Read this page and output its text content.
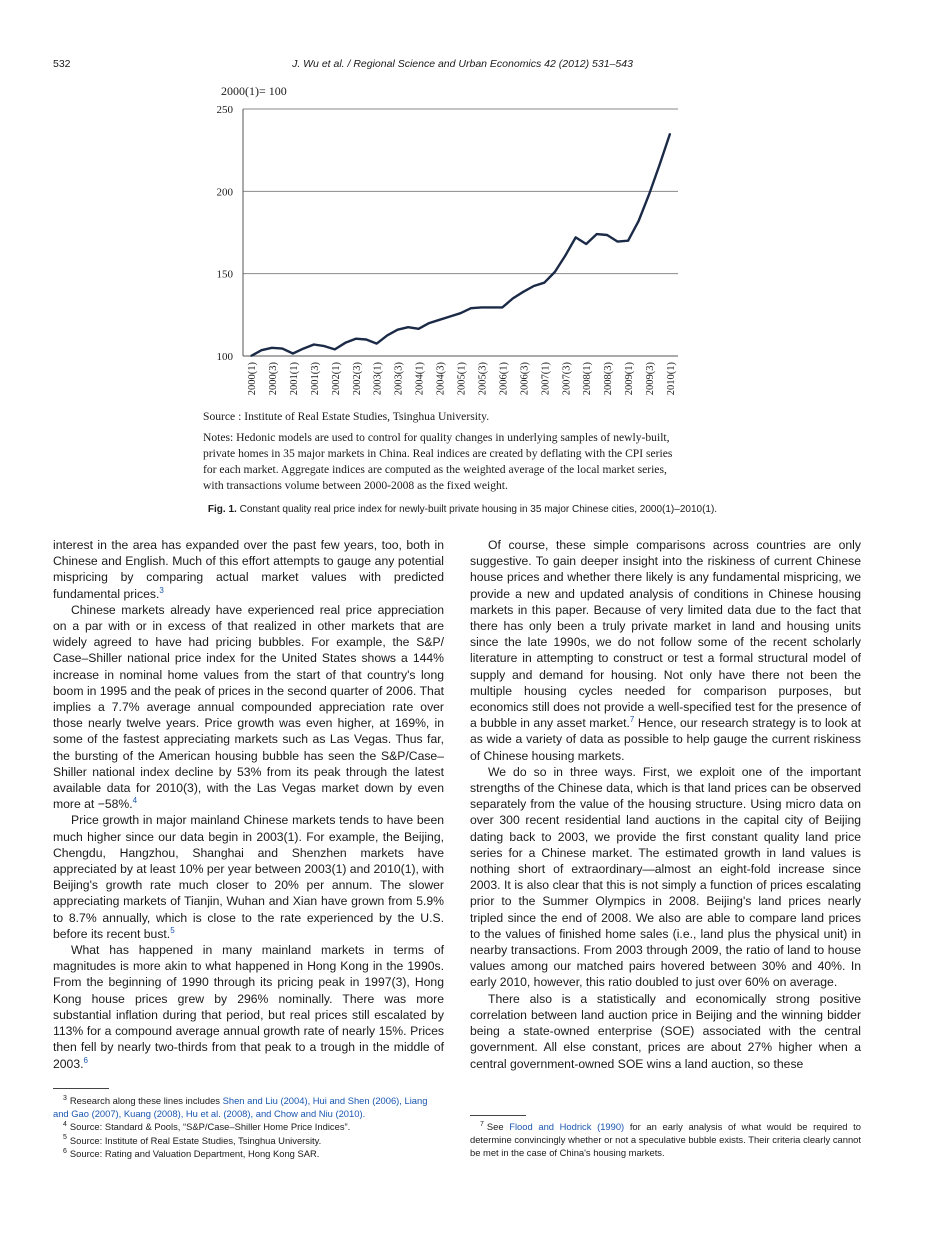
532	J. Wu et al. / Regional Science and Urban Economics 42 (2012) 531–543
100
150
200
250
2000(1)= 100
2000(1) 2000(3) 2001(1) 2001(3) 2002(1) 2002(3) 2003(1) 2003(3) 2004(1) 2004(3) 2005(1) 2005(3) 2006(1) 2006(3) 2007(1) 2007(3) 2008(1) 2008(3) 2009(1) 2009(3) 2010(1)
Source : Institute of Real Estate Studies, Tsinghua University.
Notes: Hedonic models are used to control for quality changes in underlying samples of newly-built,
private homes in 35 major markets in China. Real indices are created by deflating with the CPI series
for each market. Aggregate indices are computed as the weighted average of the local market series,
with transactions volume between 2000-2008 as the fixed weight.
Fig. 1. Constant quality real price index for newly-built private housing in 35 major Chinese cities, 2000(1)–2010(1).

interest in the area has expanded over the past few years, too, both in Chinese and English. Much of this effort attempts to gauge any potential mispricing by comparing actual market values with predicted fundamental prices.$^3$

Chinese markets already have experienced real price appreciation on a par with or in excess of that realized in other markets that are widely agreed to have had pricing bubbles. For example, the S&P/ Case–Shiller national price index for the United States shows a 144% increase in nominal home values from the start of that country's long boom in 1995 and the peak of prices in the second quarter of 2006. That implies a 7.7% average annual compounded appreciation rate over those nearly twelve years. Price growth was even higher, at 169%, in some of the fastest appreciating markets such as Las Vegas. Thus far, the bursting of the American housing bubble has seen the S&P/Case–Shiller national index decline by 53% from its peak through the latest available data for 2010(3), with the Las Vegas market down by even more at −58%.$^4$

Price growth in major mainland Chinese markets tends to have been much higher since our data begin in 2003(1). For example, the Beijing, Chengdu, Hangzhou, Shanghai and Shenzhen markets have appreciated by at least 10% per year between 2003(1) and 2010(1), with Beijing's growth rate much closer to 20% per annum. The slower appreciating markets of Tianjin, Wuhan and Xian have grown from 5.9% to 8.7% annually, which is close to the rate experienced by the U.S. before its recent bust.$^5$

What has happened in many mainland markets in terms of magnitudes is more akin to what happened in Hong Kong in the 1990s. From the beginning of 1990 through its pricing peak in 1997(3), Hong Kong house prices grew by 296% nominally. There was more substantial inflation during that period, but real prices still escalated by 113% for a compound average annual growth rate of nearly 15%. Prices then fell by nearly two-thirds from that peak to a trough in the middle of 2003.$^6$

Of course, these simple comparisons across countries are only suggestive. To gain deeper insight into the riskiness of current Chinese house prices and whether there likely is any fundamental mispricing, we provide a new and updated analysis of conditions in Chinese housing markets in this paper. Because of very limited data due to the fact that there has only been a truly private market in land and housing units since the late 1990s, we do not follow some of the recent scholarly literature in attempting to construct or test a formal structural model of supply and demand for housing. Not only have there not been the multiple housing cycles needed for comparison purposes, but economics still does not provide a well-specified test for the presence of a bubble in any asset market.$^7$ Hence, our research strategy is to look at as wide a variety of data as possible to help gauge the current riskiness of Chinese housing markets.

We do so in three ways. First, we exploit one of the important strengths of the Chinese data, which is that land prices can be observed separately from the value of the housing structure. Using micro data on over 300 recent residential land auctions in the capital city of Beijing dating back to 2003, we provide the first constant quality land price series for a Chinese market. The estimated growth in land values is nothing short of extraordinary—almost an eight-fold increase since 2003. It is also clear that this is not simply a function of prices escalating prior to the Summer Olympics in 2008. Beijing's land prices nearly tripled since the end of 2008. We also are able to compare land prices to the values of finished home sales (i.e., land plus the physical unit) in nearby transactions. From 2003 through 2009, the ratio of land to house values among our matched pairs hovered between 30% and 40%. In early 2010, however, this ratio doubled to just over 60% on average.

There also is a statistically and economically strong positive correlation between land auction price in Beijing and the winning bidder being a state-owned enterprise (SOE) associated with the central government. All else constant, prices are about 27% higher when a central government-owned SOE wins a land auction, so these

$^3$ Research along these lines includes Shen and Liu (2004), Hui and Shen (2006), Liang and Gao (2007), Kuang (2008), Hu et al. (2008), and Chow and Niu (2010).
$^4$ Source: Standard & Pools, “S&P/Case–Shiller Home Price Indices”.
$^5$ Source: Institute of Real Estate Studies, Tsinghua University.
$^6$ Source: Rating and Valuation Department, Hong Kong SAR.
$^7$ See Flood and Hodrick (1990) for an early analysis of what would be required to determine convincingly whether or not a speculative bubble exists. Their criteria clearly cannot be met in the case of China's housing markets.
